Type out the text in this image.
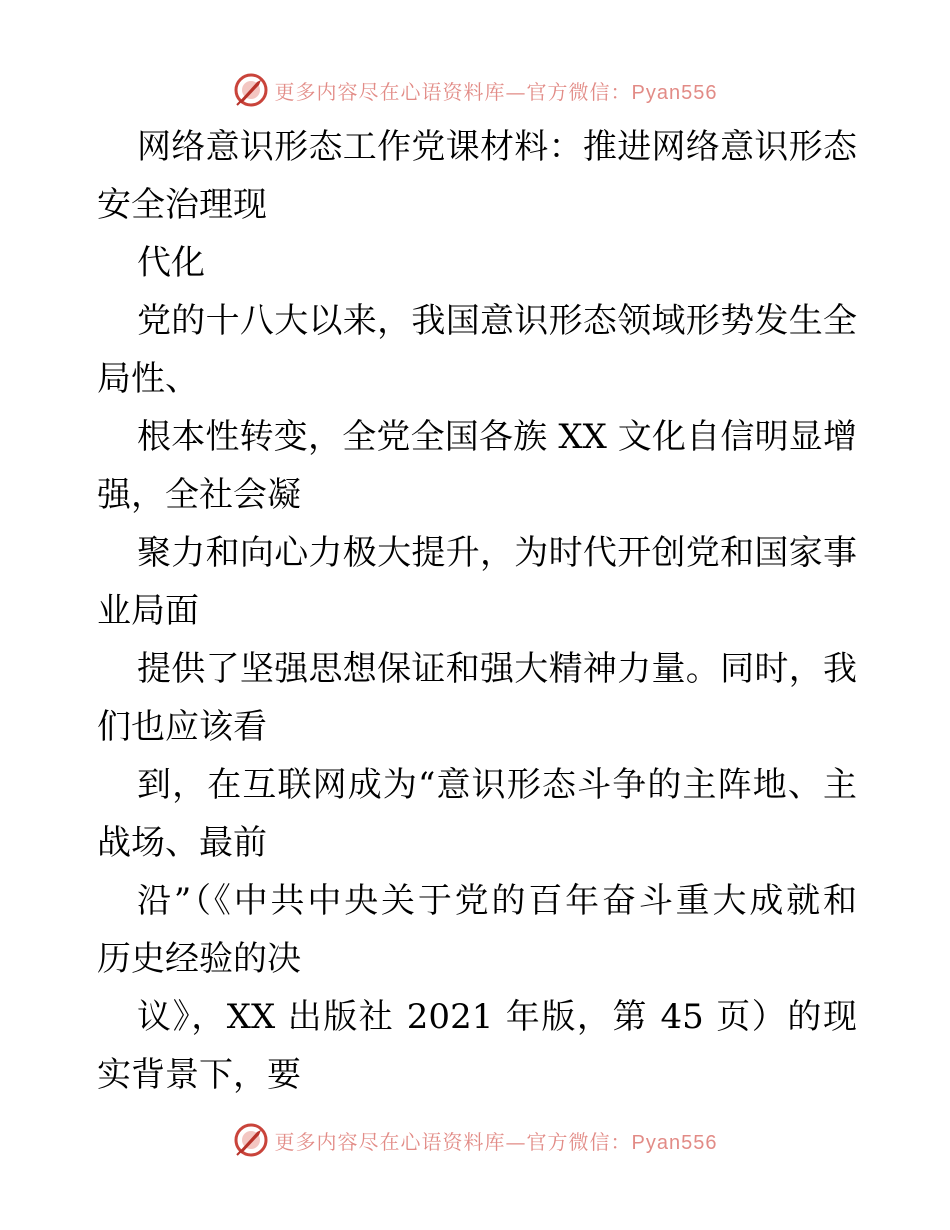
更多内容尽在心语资料库—官方微信：Pyan556
网络意识形态工作党课材料：推进网络意识形态
安全治理现
代化
党的十八大以来，我国意识形态领域形势发生全
局性、
根本性转变，全党全国各族 XX 文化自信明显增
强，全社会凝
聚力和向心力极大提升，为时代开创党和国家事
业局面
提供了坚强思想保证和强大精神力量。同时，我
们也应该看
到，在互联网成为“意识形态斗争的主阵地、主
战场、最前
沿”（《中共中央关于党的百年奋斗重大成就和
历史经验的决
议》，XX 出版社 2021 年版，第 45 页）的现
实背景下，要
更多内容尽在心语资料库—官方微信：Pyan556
